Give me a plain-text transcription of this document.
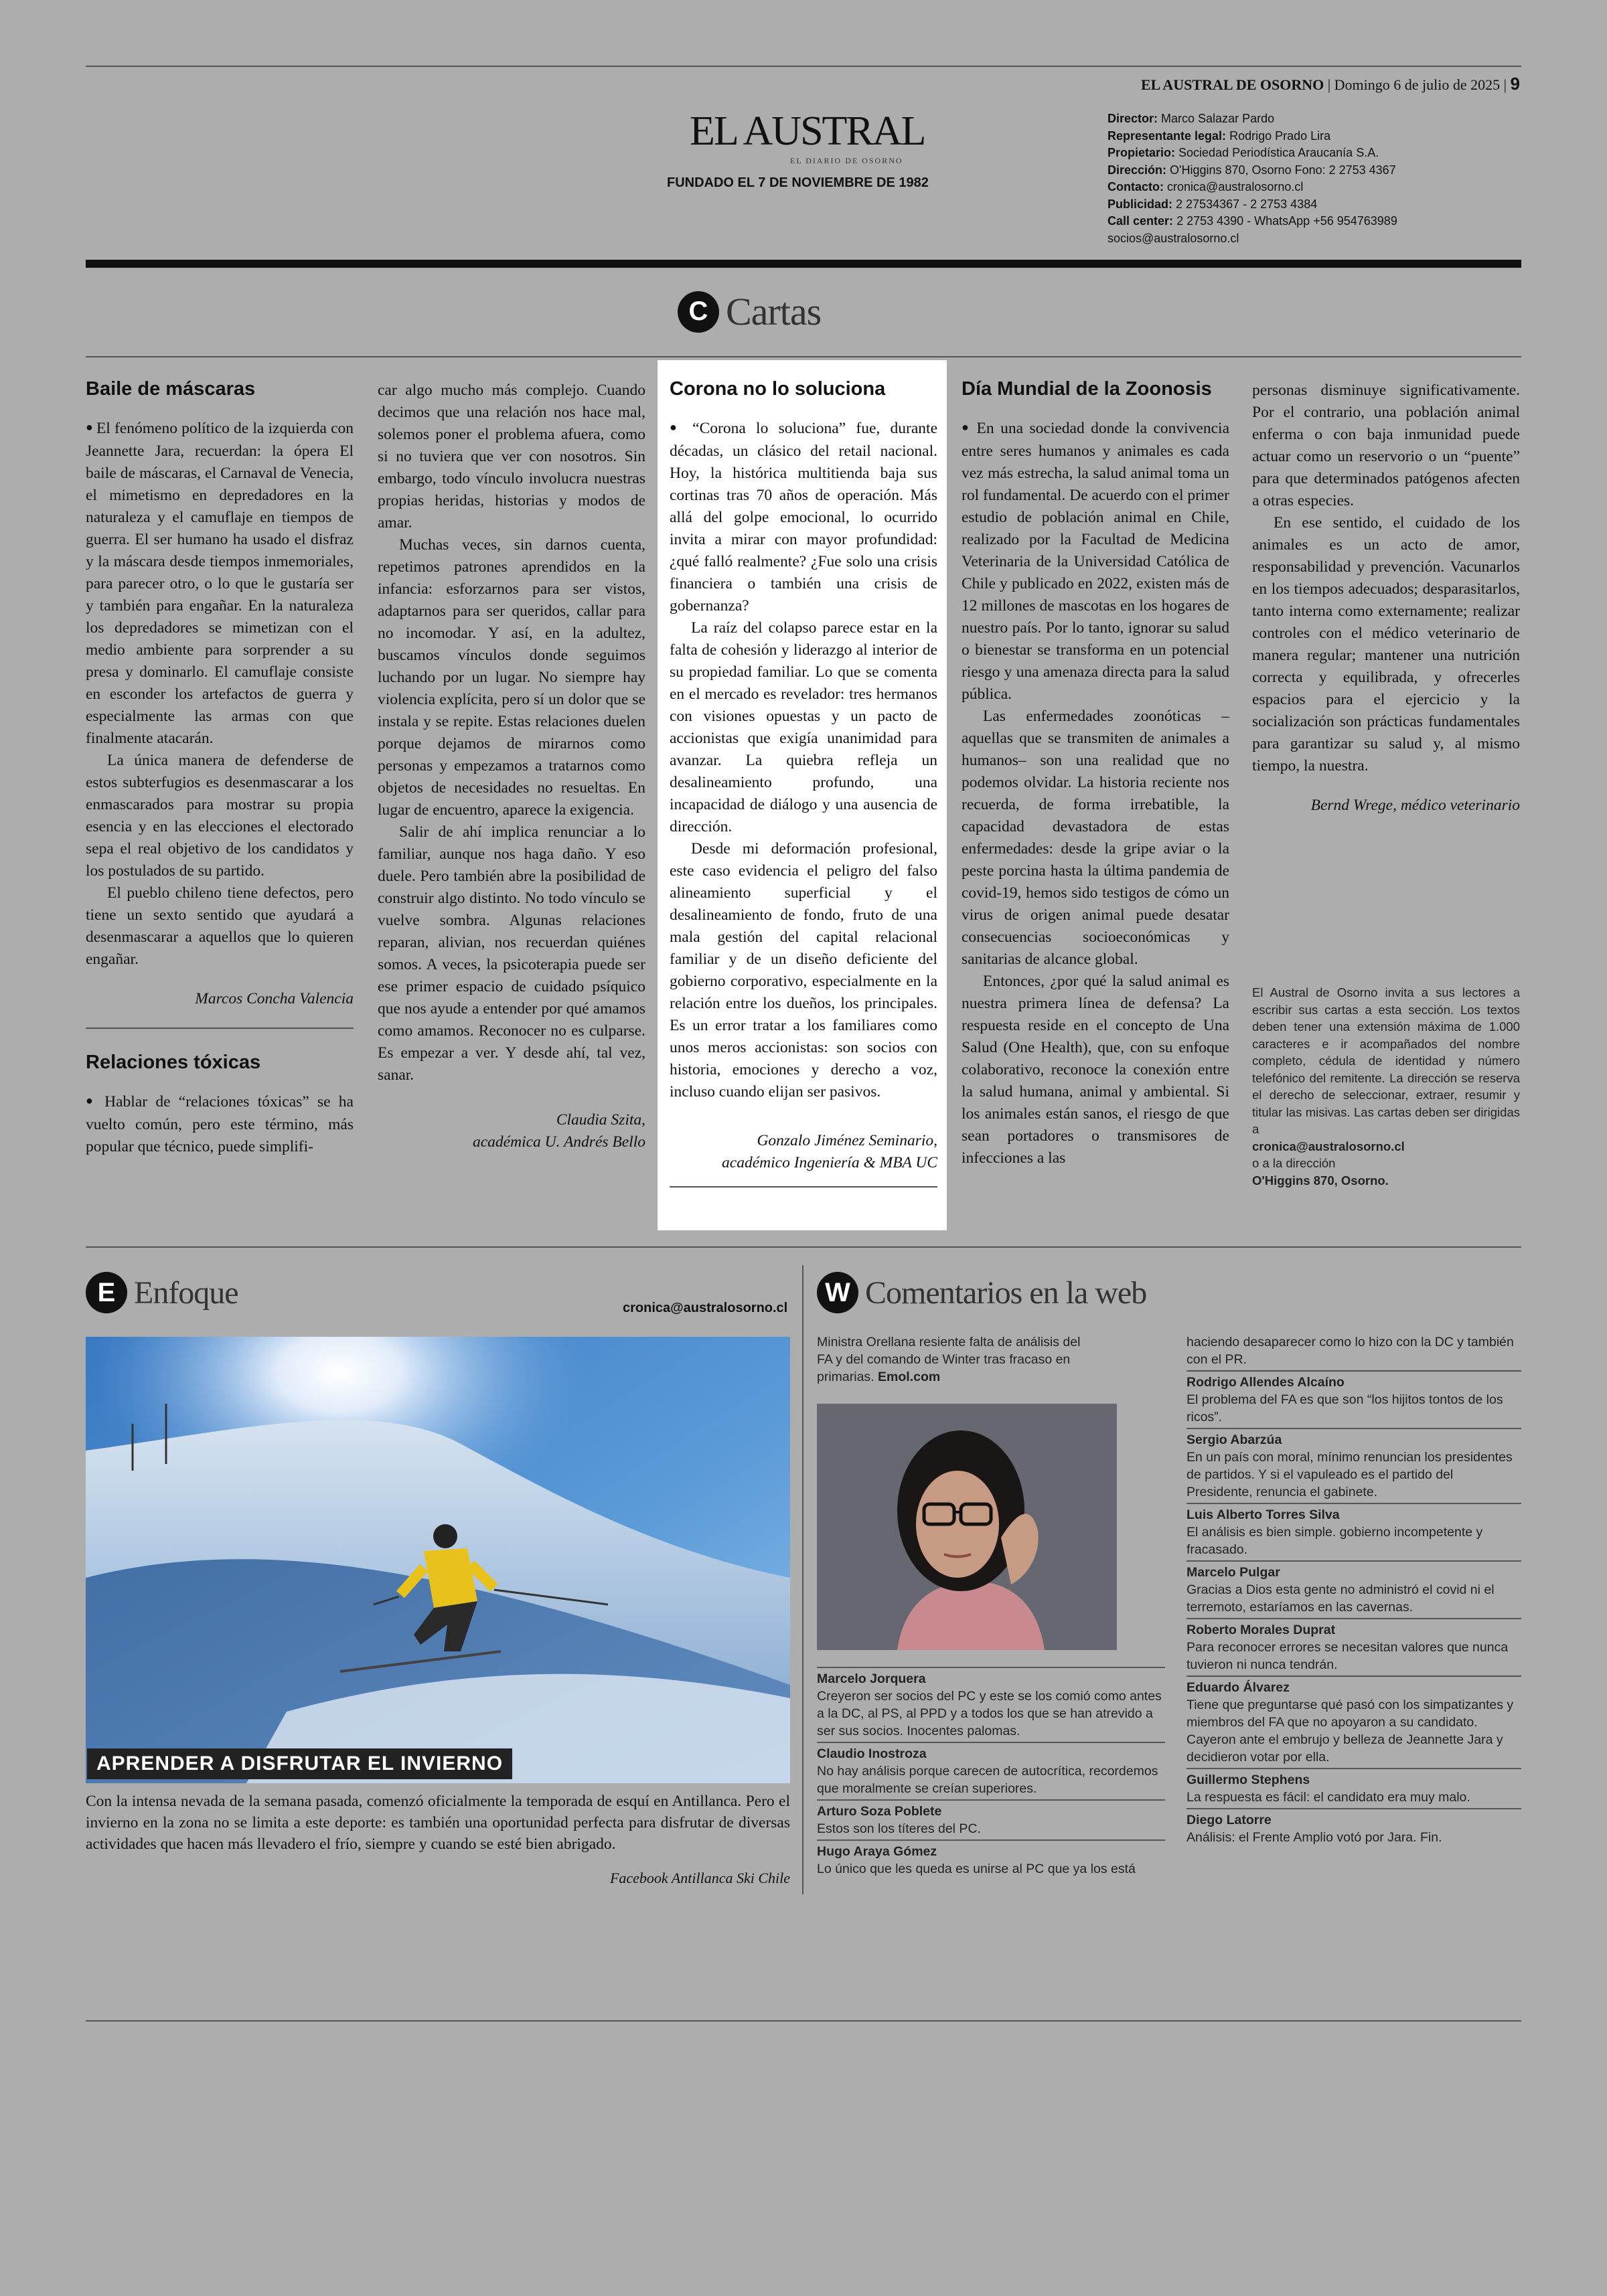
EL AUSTRAL DE OSORNO | Domingo 6 de julio de 2025 | 9
EL AUSTRAL
EL DIARIO DE OSORNO
FUNDADO EL 7 DE NOVIEMBRE DE 1982
Director: Marco Salazar Pardo
Representante legal: Rodrigo Prado Lira
Propietario: Sociedad Periodística Araucanía S.A.
Dirección: O'Higgins 870, Osorno Fono: 2 2753 4367
Contacto: cronica@australosorno.cl
Publicidad: 2 27534367 - 2 2753 4384
Call center: 2 2753 4390 - WhatsApp +56 954763989
socios@australosorno.cl
C Cartas
Baile de máscaras

● El fenómeno político de la izquierda con Jeannette Jara, recuerdan: la ópera El baile de máscaras, el Carnaval de Venecia, el mimetismo en depredadores en la naturaleza y el camuflaje en tiempos de guerra. El ser humano ha usado el disfraz y la máscara desde tiempos inmemoriales, para parecer otro, o lo que le gustaría ser y también para engañar. En la naturaleza los depredadores se mimetizan con el medio ambiente para sorprender a su presa y dominarlo. El camuflaje consiste en esconder los artefactos de guerra y especialmente las armas con que finalmente atacarán.

La única manera de defenderse de estos subterfugios es desenmascarar a los enmascarados para mostrar su propia esencia y en las elecciones el electorado sepa el real objetivo de los candidatos y los postulados de su partido.

El pueblo chileno tiene defectos, pero tiene un sexto sentido que ayudará a desenmascarar a aquellos que lo quieren engañar.

Marcos Concha Valencia
Relaciones tóxicas

● Hablar de “relaciones tóxicas” se ha vuelto común, pero este término, más popular que técnico, puede simplifi-

car algo mucho más complejo. Cuando decimos que una relación nos hace mal, solemos poner el problema afuera, como si no tuviera que ver con nosotros. Sin embargo, todo vínculo involucra nuestras propias heridas, historias y modos de amar.

Muchas veces, sin darnos cuenta, repetimos patrones aprendidos en la infancia: esforzarnos para ser vistos, adaptarnos para ser queridos, callar para no incomodar. Y así, en la adultez, buscamos vínculos donde seguimos luchando por un lugar. No siempre hay violencia explícita, pero sí un dolor que se instala y se repite. Estas relaciones duelen porque dejamos de mirarnos como personas y empezamos a tratarnos como objetos de necesidades no resueltas. En lugar de encuentro, aparece la exigencia.

Salir de ahí implica renunciar a lo familiar, aunque nos haga daño. Y eso duele. Pero también abre la posibilidad de construir algo distinto. No todo vínculo se vuelve sombra. Algunas relaciones reparan, alivian, nos recuerdan quiénes somos. A veces, la psicoterapia puede ser ese primer espacio de cuidado psíquico que nos ayude a entender por qué amamos como amamos. Reconocer no es culparse. Es empezar a ver. Y desde ahí, tal vez, sanar.

Claudia Szita,
académica U. Andrés Bello
Corona no lo soluciona

● “Corona lo soluciona” fue, durante décadas, un clásico del retail nacional. Hoy, la histórica multitienda baja sus cortinas tras 70 años de operación. Más allá del golpe emocional, lo ocurrido invita a mirar con mayor profundidad: ¿qué falló realmente? ¿Fue solo una crisis financiera o también una crisis de gobernanza?

La raíz del colapso parece estar en la falta de cohesión y liderazgo al interior de su propiedad familiar. Lo que se comenta en el mercado es revelador: tres hermanos con visiones opuestas y un pacto de accionistas que exigía unanimidad para avanzar. La quiebra refleja un desalineamiento profundo, una incapacidad de diálogo y una ausencia de dirección.

Desde mi deformación profesional, este caso evidencia el peligro del falso alineamiento superficial y el desalineamiento de fondo, fruto de una mala gestión del capital relacional familiar y de un diseño deficiente del gobierno corporativo, especialmente en la relación entre los dueños, los principales. Es un error tratar a los familiares como unos meros accionistas: son socios con historia, emociones y derecho a voz, incluso cuando elijan ser pasivos.

Gonzalo Jiménez Seminario,
académico Ingeniería & MBA UC
Día Mundial de la Zoonosis

● En una sociedad donde la convivencia entre seres humanos y animales es cada vez más estrecha, la salud animal toma un rol fundamental. De acuerdo con el primer estudio de población animal en Chile, realizado por la Facultad de Medicina Veterinaria de la Universidad Católica de Chile y publicado en 2022, existen más de 12 millones de mascotas en los hogares de nuestro país. Por lo tanto, ignorar su salud o bienestar se transforma en un potencial riesgo y una amenaza directa para la salud pública.

Las enfermedades zoonóticas –aquellas que se transmiten de animales a humanos– son una realidad que no podemos olvidar. La historia reciente nos recuerda, de forma irrebatible, la capacidad devastadora de estas enfermedades: desde la gripe aviar o la peste porcina hasta la última pandemia de covid-19, hemos sido testigos de cómo un virus de origen animal puede desatar consecuencias socioeconómicas y sanitarias de alcance global.

Entonces, ¿por qué la salud animal es nuestra primera línea de defensa? La respuesta reside en el concepto de Una Salud (One Health), que, con su enfoque colaborativo, reconoce la conexión entre la salud humana, animal y ambiental. Si los animales están sanos, el riesgo de que sean portadores o transmisores de infecciones a las

personas disminuye significativamente. Por el contrario, una población animal enferma o con baja inmunidad puede actuar como un reservorio o un “puente” para que determinados patógenos afecten a otras especies.

En ese sentido, el cuidado de los animales es un acto de amor, responsabilidad y prevención. Vacunarlos en los tiempos adecuados; desparasitarlos, tanto interna como externamente; realizar controles con el médico veterinario de manera regular; mantener una nutrición correcta y equilibrada, y ofrecerles espacios para el ejercicio y la socialización son prácticas fundamentales para garantizar su salud y, al mismo tiempo, la nuestra.

Bernd Wrege, médico veterinario
El Austral de Osorno invita a sus lectores a escribir sus cartas a esta sección. Los textos deben tener una extensión máxima de 1.000 caracteres e ir acompañados del nombre completo, cédula de identidad y número telefónico del remitente. La dirección se reserva el derecho de seleccionar, extraer, resumir y titular las misivas. Las cartas deben ser dirigidas a
cronica@australosorno.cl
o a la dirección
O'Higgins 870, Osorno.
E Enfoque	cronica@australosorno.cl
APRENDER A DISFRUTAR EL INVIERNO
Con la intensa nevada de la semana pasada, comenzó oficialmente la temporada de esquí en Antillanca. Pero el invierno en la zona no se limita a este deporte: es también una oportunidad perfecta para disfrutar de diversas actividades que hacen más llevadero el frío, siempre y cuando se esté bien abrigado.
Facebook Antillanca Ski Chile
W Comentarios en la web
Ministra Orellana resiente falta de análisis del FA y del comando de Winter tras fracaso en primarias. Emol.com
Marcelo Jorquera
Creyeron ser socios del PC y este se los comió como antes a la DC, al PS, al PPD y a todos los que se han atrevido a ser sus socios. Inocentes palomas.
Claudio Inostroza
No hay análisis porque carecen de autocrítica, recordemos que moralmente se creían superiores.
Arturo Soza Poblete
Estos son los títeres del PC.
Hugo Araya Gómez
Lo único que les queda es unirse al PC que ya los está
haciendo desaparecer como lo hizo con la DC y también con el PR.
Rodrigo Allendes Alcaíno
El problema del FA es que son “los hijitos tontos de los ricos”.
Sergio Abarzúa
En un país con moral, mínimo renuncian los presidentes de partidos. Y si el vapuleado es el partido del Presidente, renuncia el gabinete.
Luis Alberto Torres Silva
El análisis es bien simple. gobierno incompetente y fracasado.
Marcelo Pulgar
Gracias a Dios esta gente no administró el covid ni el terremoto, estaríamos en las cavernas.
Roberto Morales Duprat
Para reconocer errores se necesitan valores que nunca tuvieron ni nunca tendrán.
Eduardo Álvarez
Tiene que preguntarse qué pasó con los simpatizantes y miembros del FA que no apoyaron a su candidato. Cayeron ante el embrujo y belleza de Jeannette Jara y decidieron votar por ella.
Guillermo Stephens
La respuesta es fácil: el candidato era muy malo.
Diego Latorre
Análisis: el Frente Amplio votó por Jara. Fin.
